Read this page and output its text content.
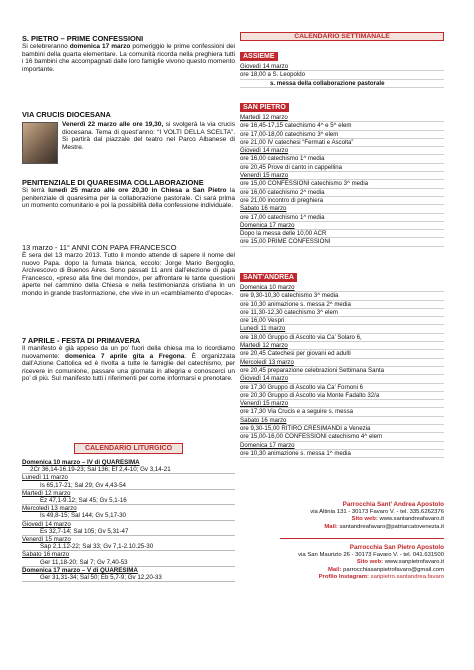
S. PIETRO – PRIME CONFESSIONI
Si celebreranno domenica 17 marzo pomeriggio le prime confessioni dei bambini della quarta elementare. La comunità ricorda nella preghiera tutti i 16 bambini che accompagnati dalle loro famiglie vivono questo momento importante.
VIA CRUCIS DIOCESANA
Venerdì 22 marzo alle ore 19,30, si svolgerà la via crucis diocesana. Tema di quest’anno: “I VOLTI DELLA SCELTA”. Si partirà dal piazzale del teatro nel Parco Albanese di Mestre.
PENITENZIALE DI QUARESIMA COLLABORAZIONE
Si terrà lunedì 25 marzo alle ore 20,30 in Chiesa a San Pietro la penitenziale di quaresima per la collaborazione pastorale. Ci sarà prima un momento comunitario e poi la possibilità della confessione individuale.
13 marzo - 11° ANNI CON PAPA FRANCESCO
È sera del 13 marzo 2013. Tutto il mondo attende di sapere il nome del nuovo Papa. dopo la fumata bianca, eccolo: Jorge Mario Bergoglio, Arcivescovo di Buenos Aires. Sono passati 11 anni dall’elezione di papa Francesco, «preso alla fine del mondo», per affrontare le tante questioni aperte nel cammino della Chiesa e nella testimonianza cristiana in un mondo in grande trasformazione, che vive in un «cambiamento d’epoca».
7 APRILE - FESTA DI PRIMAVERA
Il manifesto è già appeso da un po’ fuori della chiesa ma lo ricordiamo nuovamente: domenica 7 aprile gita a Fregona. È organizzata dall’Azione Cattolica ed è rivolta a tutte le famiglie del catechismo, per ricevere in comunione, passare una giornata in allegria e conoscerci un po’ di più. Sul manifesto tutti i riferimenti per come informarsi e prenotare.
CALENDARIO LITURGICO
Domenica 10 marzo – IV di QUARESIMA
2Cr 36,14-16.19-23; Sal 136; Ef 2,4-10; Gv 3,14-21
Lunedì 11 marzo
Is 65,17-21; Sal 29; Gv 4,43-54
Martedì 12 marzo
Ez 47,1-9.12; Sal 45; Gv 5,1-16
Mercoledì 13 marzo
Is 49,8-15; Sal 144; Gv 5,17-30
Giovedì 14 marzo
Es 32,7-14; Sal 105; Gv 5,31-47
Venerdì 15 marzo
Sap 2,1.12-22; Sal 33; Gv 7,1-2.10.25-30
Sabato 16 marzo
Ger 11,18-20; Sal 7; Gv 7,40-53
Domenica 17 marzo – V di QUARESIMA
Ger 31,31-34; Sal 50; Eb 5,7-9; Gv 12,20-33
CALENDARIO SETTIMANALE
ASSIEME
Giovedì 14 marzo
ore 18,00 a S. Leopoldo
s. messa della collaborazione pastorale
SAN PIETRO
Martedì 12 marzo
ore 16,45-17,15 catechismo 4^ e 5^ elem
ore 17,00-18,00 catechismo 3^ elem
ore 21,00 IV catechesi “Fermati e Ascolta”
Giovedì 14 marzo
ore 16,00 catechismo 1^ media
ore 20,45 Prove di canto in cappellina
Venerdì 15 marzo
ore 15,00 CONFESSIONI catechismo 3^ media
ore 16,00 catechismo 2^ media
ore 21,00 incontro di preghiera
Sabato 16 marzo
ore 17,00 catechismo 1^ media
Domenica 17 marzo
Dopo la messa delle 10,00 ACR
ore 15,00 PRIME CONFESSIONI
SANT’ANDREA
Domenica 10 marzo
ore 9,30-10,30 catechismo 3^ media
ore 10,30 animazione s. messa 2^ media
ore 11,30-12,30 catechismo 3^ elem
ore 16,00 Vespri
Lunedì 11 marzo
ore 18,00 Gruppo di Ascolto via Ca’ Solaro 6,
Martedì 12 marzo
ore 20,45 Catechesi per giovani ed adulti
Mercoledì 13 marzo
ore 20,45 preparazione celebrazioni Settimana Santa
Giovedì 14 marzo
ore 17,30 Gruppo di Ascolto via Ca’ Fornoni 6
ore 20,30 Gruppo di Ascolto via Monte Fadalto 32/a
Venerdì 15 marzo
ore 17,30 Via Crucis e a seguire s. messa
Sabato 16 marzo
ore 9,30-15,00 RITIRO CRESIMANDI a Venezia
ore 15,00-16,00 CONFESSIONI catechismo 4^ elem
Domenica 17 marzo
ore 10,30 animazione s. messa 1^ media
Parrocchia Sant’ Andrea Apostolo
via Altinia 131 - 30173 Favaro V. - tel. 335.6262376
Sito web: www.santandreafavaro.it
Mail: santandreafavaro@patriarcatovenezia.it
Parrocchia San Pietro Apostolo
via San Maurizio 26 - 30173 Favaro V. - tel. 041.631500
Sito web: www.sanpietrofavaro.it
Mail: parrocchiasanpietrofavaro@gmail.com
Profilo Instagram: sanpietro.santandrea.favaro
